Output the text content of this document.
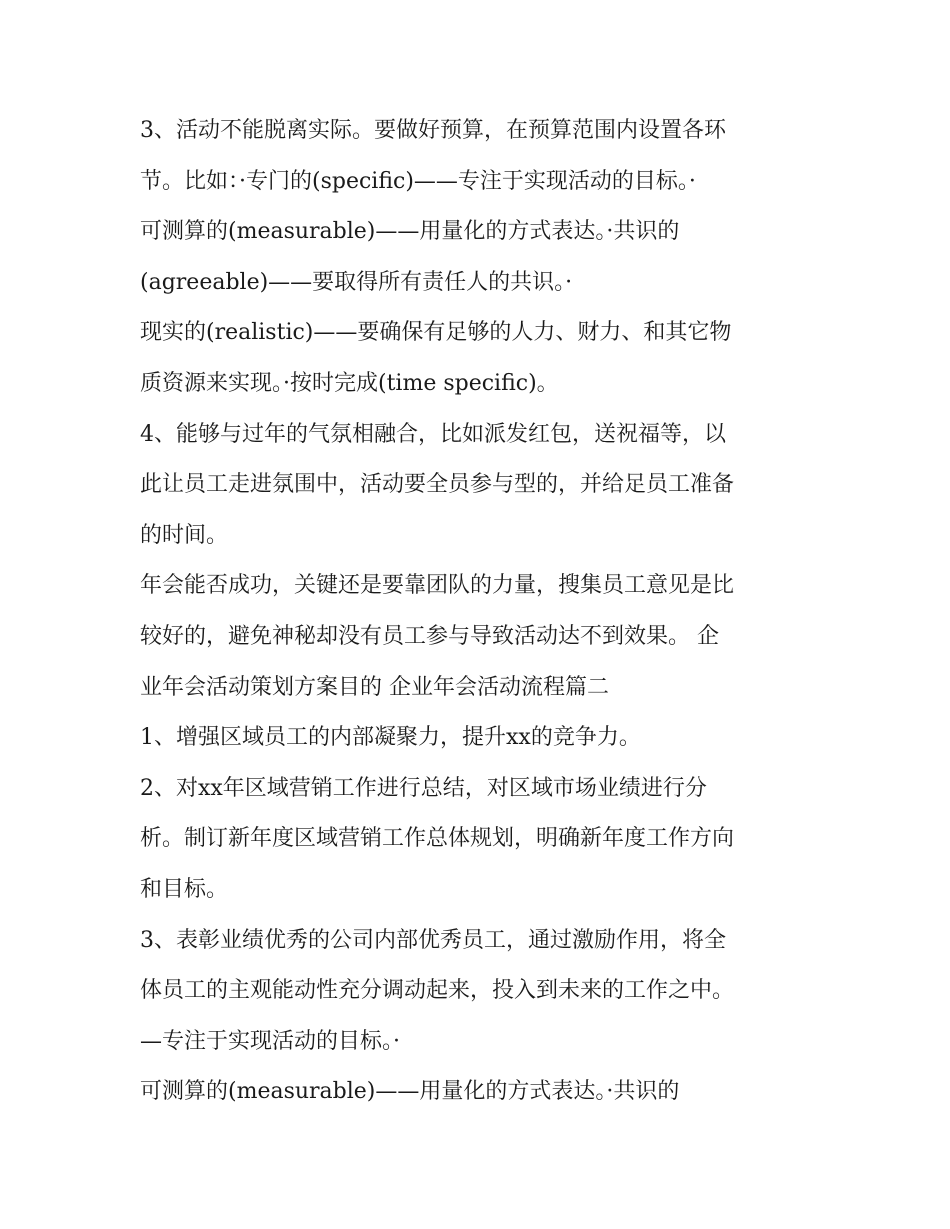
3、活动不能脱离实际。要做好预算，在预算范围内设置各环
节。比如：·专门的(specific)——专注于实现活动的目标。·
可测算的(measurable)——用量化的方式表达。·共识的
(agreeable)——要取得所有责任人的共识。·
现实的(realistic)——要确保有足够的人力、财力、和其它物
质资源来实现。·按时完成(time specific)。
4、能够与过年的气氛相融合，比如派发红包，送祝福等，以
此让员工走进氛围中，活动要全员参与型的，并给足员工准备
的时间。
年会能否成功，关键还是要靠团队的力量，搜集员工意见是比
较好的，避免神秘却没有员工参与导致活动达不到效果。 企
业年会活动策划方案目的 企业年会活动流程篇二
1、增强区域员工的内部凝聚力，提升xx的竞争力。
2、对xx年区域营销工作进行总结，对区域市场业绩进行分
析。制订新年度区域营销工作总体规划，明确新年度工作方向
和目标。
3、表彰业绩优秀的公司内部优秀员工，通过激励作用，将全
体员工的主观能动性充分调动起来，投入到未来的工作之中。
—专注于实现活动的目标。·
可测算的(measurable)——用量化的方式表达。·共识的
